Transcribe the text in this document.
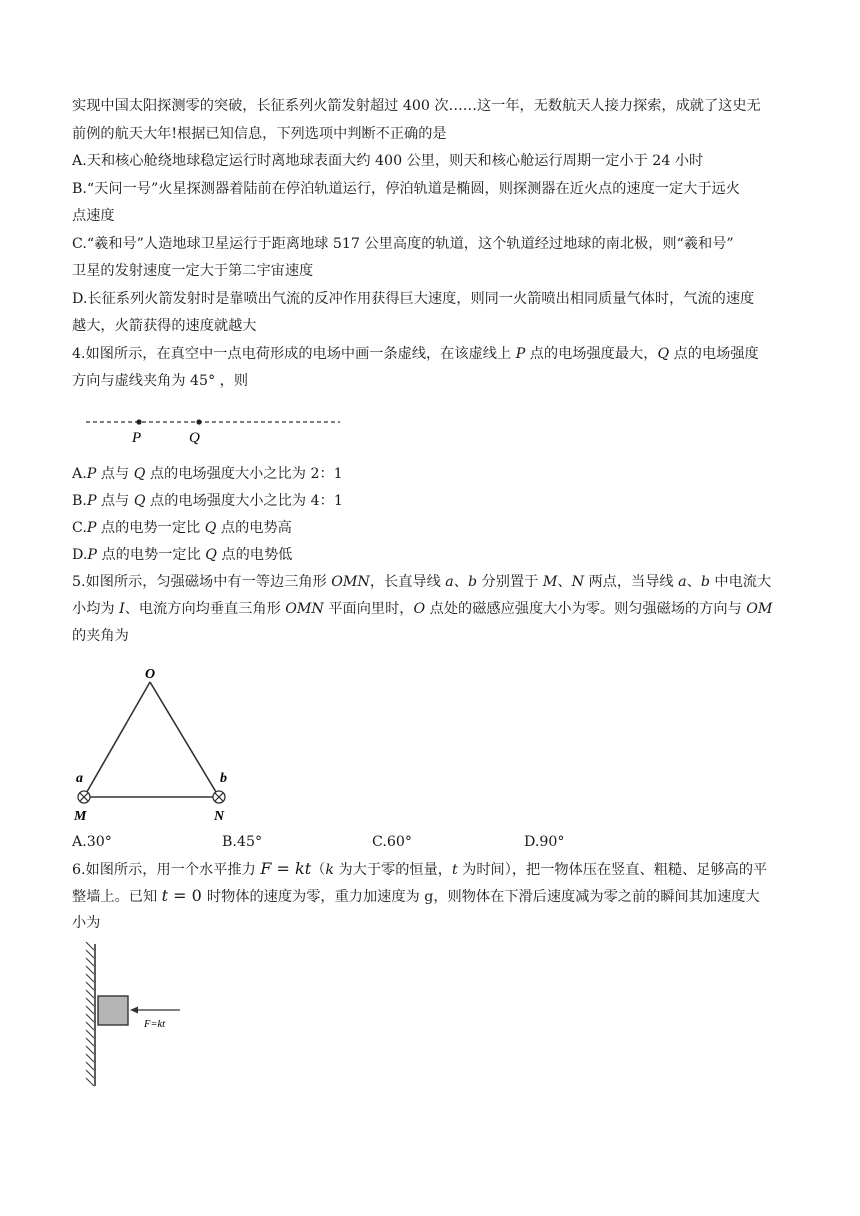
实现中国太阳探测零的突破，长征系列火箭发射超过 400 次……这一年，无数航天人接力探索，成就了这史无
前例的航天大年!根据已知信息，下列选项中判断不正确的是
A.天和核心舱绕地球稳定运行时离地球表面大约 400 公里，则天和核心舱运行周期一定小于 24 小时
B.“天问一号”火星探测器着陆前在停泊轨道运行，停泊轨道是椭圆，则探测器在近火点的速度一定大于远火
点速度
C.“羲和号”人造地球卫星运行于距离地球 517 公里高度的轨道，这个轨道经过地球的南北极，则“羲和号”
卫星的发射速度一定大于第二宇宙速度
D.长征系列火箭发射时是靠喷出气流的反冲作用获得巨大速度，则同一火箭喷出相同质量气体时，气流的速度
越大，火箭获得的速度就越大
4.如图所示，在真空中一点电荷形成的电场中画一条虚线，在该虚线上 P 点的电场强度最大，Q 点的电场强度
方向与虚线夹角为 45° ，则
P	Q
A.P 点与 Q 点的电场强度大小之比为 2：1
B.P 点与 Q 点的电场强度大小之比为 4：1
C.P 点的电势一定比 Q 点的电势高
D.P 点的电势一定比 Q 点的电势低
5.如图所示，匀强磁场中有一等边三角形 OMN，长直导线 a、b 分别置于 M、N 两点，当导线 a、b 中电流大
小均为 I、电流方向均垂直三角形 OMN 平面向里时，O 点处的磁感应强度大小为零。则匀强磁场的方向与 OM
的夹角为
O
a	b
M	N
A.30°	B.45°	C.60°	D.90°
6.如图所示，用一个水平推力 F = kt（k 为大于零的恒量，t 为时间），把一物体压在竖直、粗糙、足够高的平
整墙上。已知 t = 0 时物体的速度为零，重力加速度为 g，则物体在下滑后速度减为零之前的瞬间其加速度大
小为
F=kt
